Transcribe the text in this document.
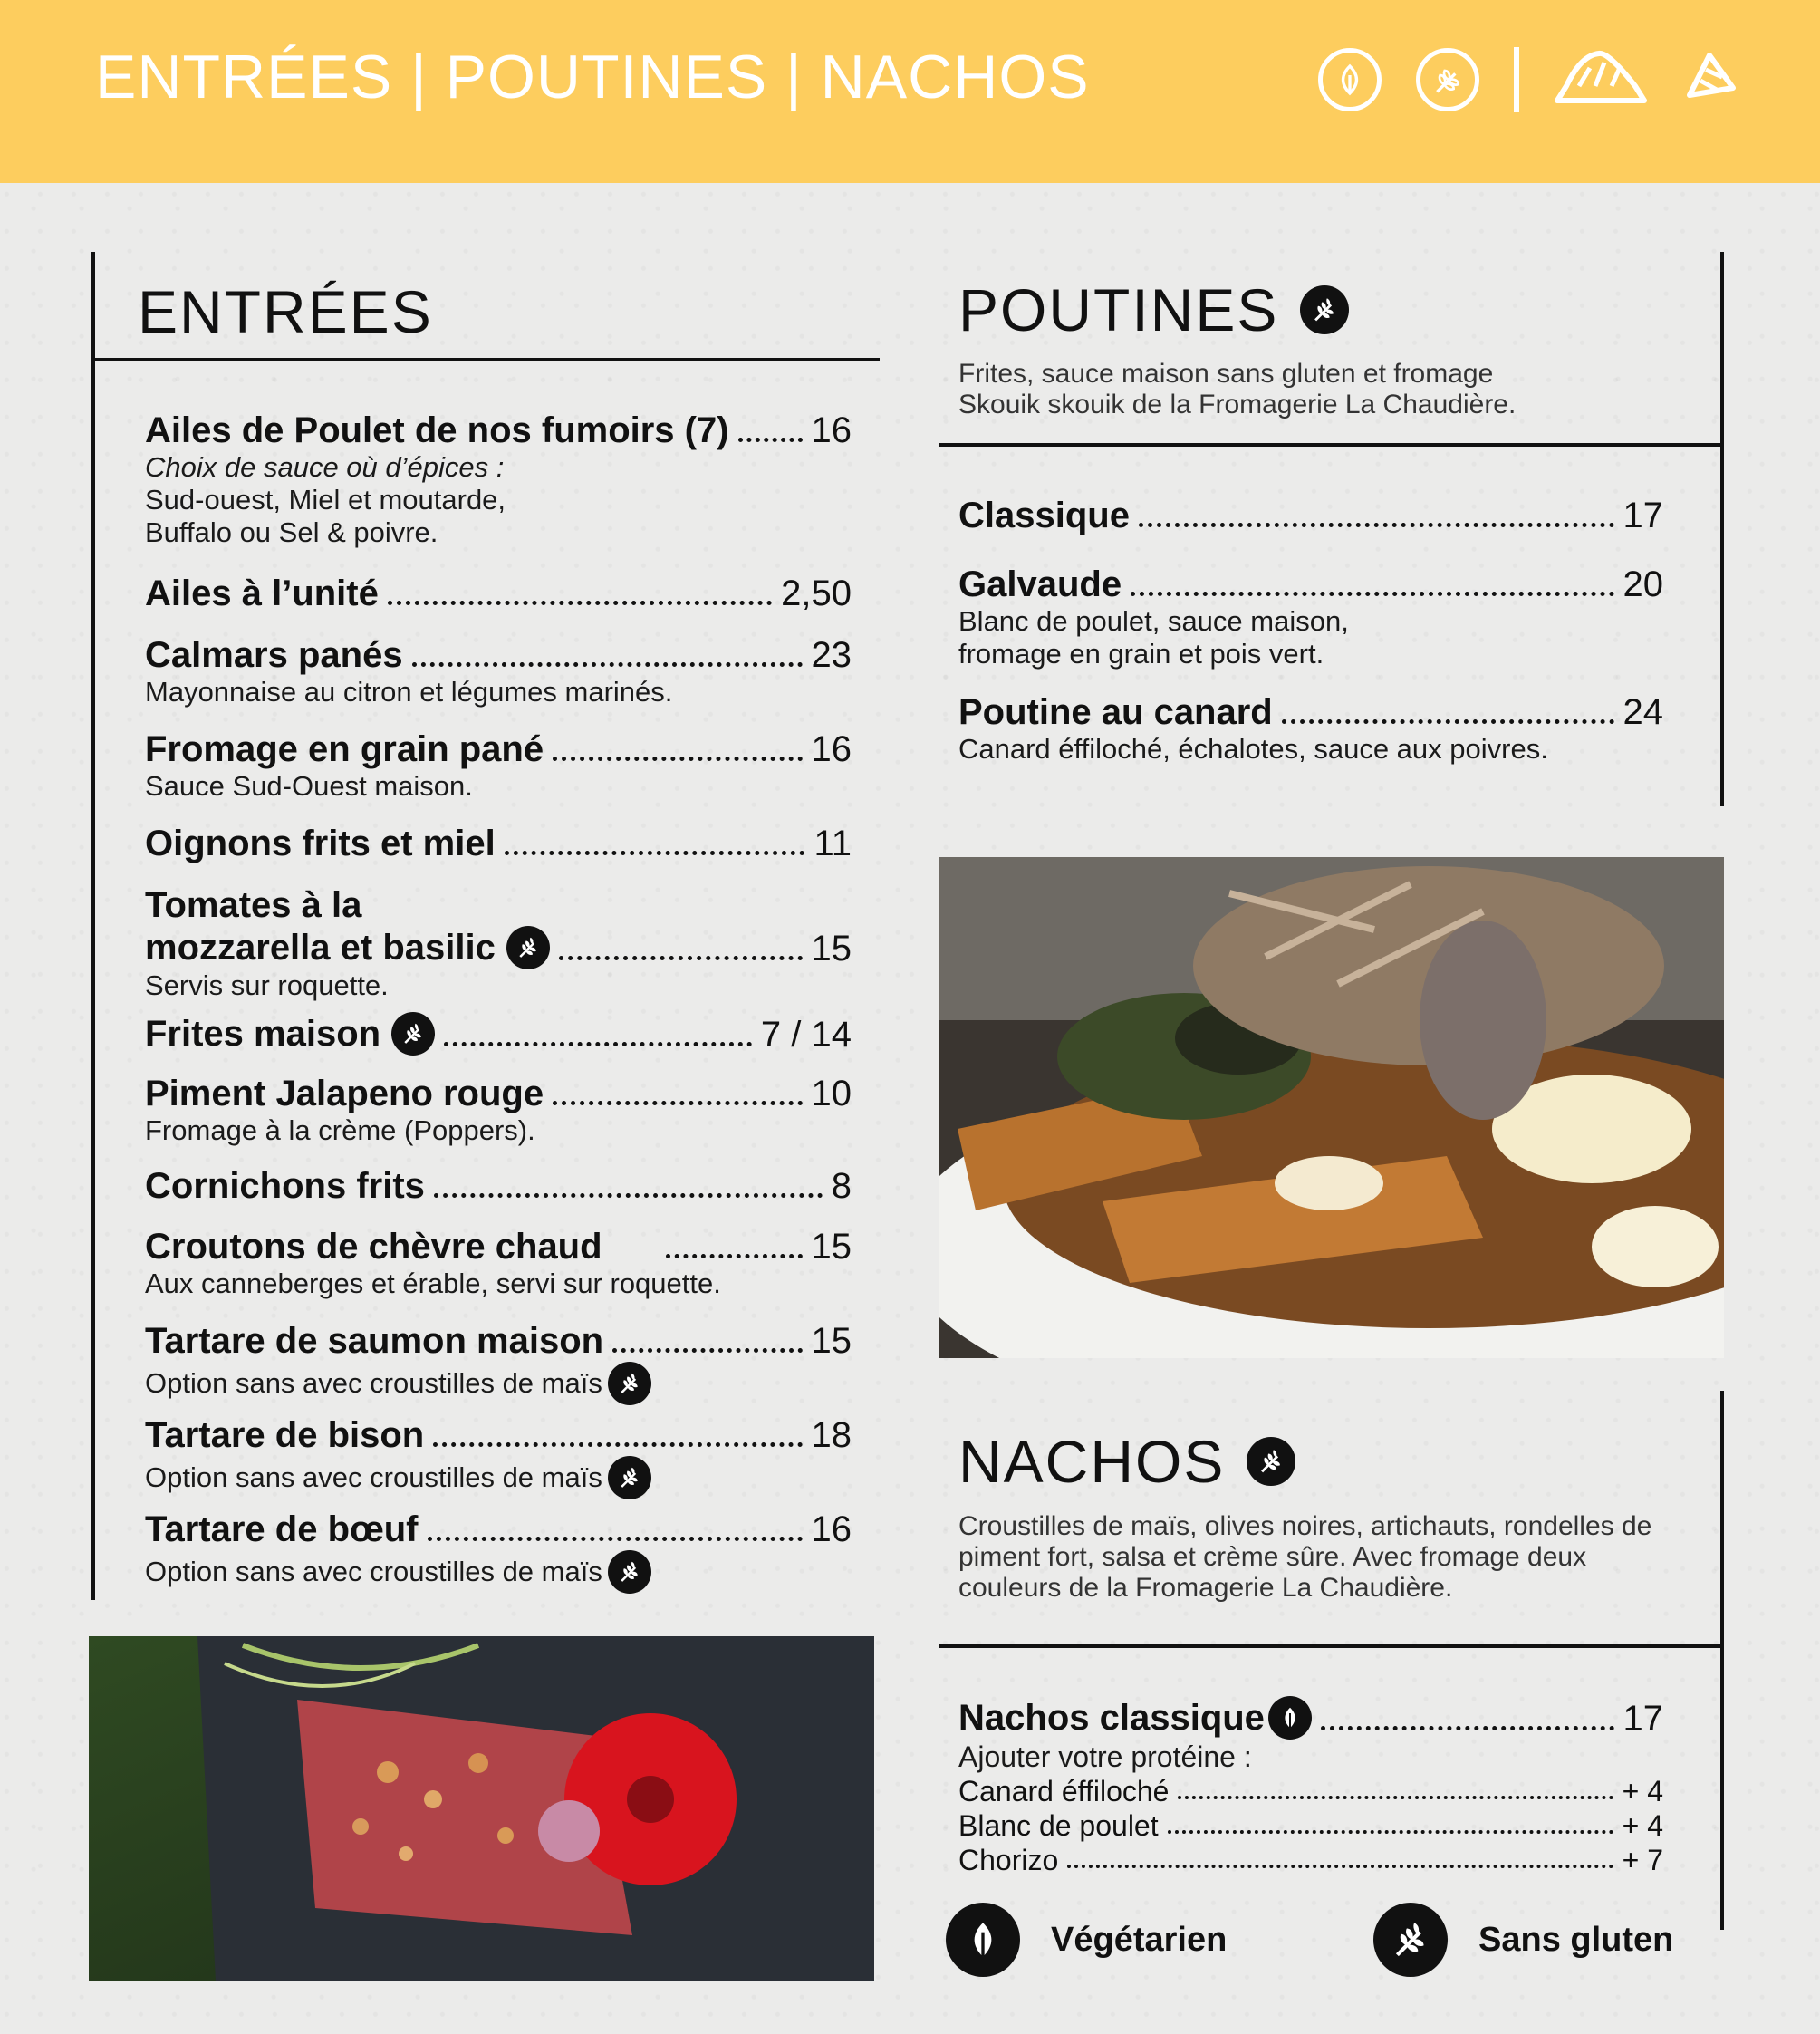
ENTRÉES | POUTINES | NACHOS
ENTRÉES
Ailes de Poulet de nos fumoirs (7) 16
Choix de sauce où d’épices :
Sud-ouest, Miel et moutarde,
Buffalo ou Sel & poivre.
Ailes à l’unité	2,50
Calmars panés	23
Mayonnaise au citron et légumes marinés.
Fromage en grain pané	16
Sauce Sud-Ouest maison.
Oignons frits et miel	11
Tomates à la
mozzarella et basilic	15
Servis sur roquette.
Frites maison	7 / 14
Piment Jalapeno rouge	10
Fromage à la crème (Poppers).
Cornichons frits	8
Croutons de chèvre chaud	15
Aux canneberges et érable, servi sur roquette.
Tartare de saumon maison	15
Option sans avec croustilles de maïs
Tartare de bison	18
Option sans avec croustilles de maïs
Tartare de bœuf	16
Option sans avec croustilles de maïs
POUTINES
Frites, sauce maison sans gluten et fromage
Skouik skouik de la Fromagerie La Chaudière.
Classique	17
Galvaude	20
Blanc de poulet, sauce maison,
fromage en grain et pois vert.
Poutine au canard	24
Canard éffiloché, échalotes, sauce aux poivres.
NACHOS
Croustilles de maïs, olives noires, artichauts, rondelles de
piment fort, salsa et crème sûre. Avec fromage deux
couleurs de la Fromagerie La Chaudière.
Nachos classique	17
Ajouter votre protéine :
Canard éffiloché	+ 4
Blanc de poulet	+ 4
Chorizo	+ 7
Végétarien	Sans gluten
